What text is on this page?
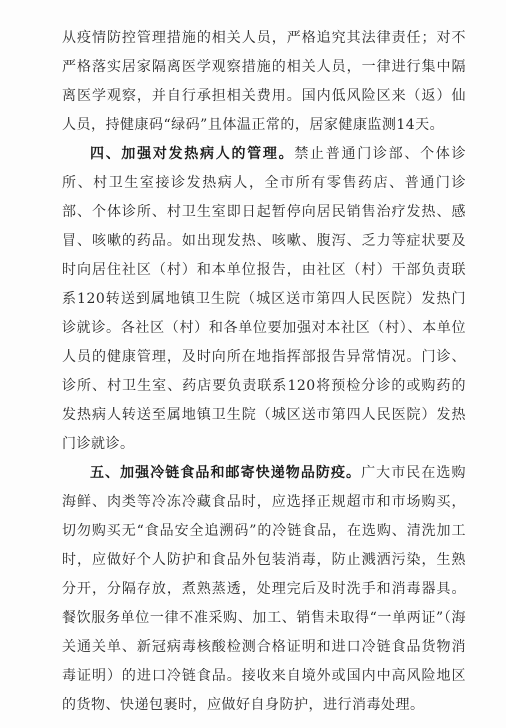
从疫情防控管理措施的相关人员，严格追究其法律责任；对不严格落实居家隔离医学观察措施的相关人员，一律进行集中隔离医学观察，并自行承担相关费用。国内低风险区来（返）仙人员，持健康码“绿码”且体温正常的，居家健康监测14天。

四、加强对发热病人的管理。禁止普通门诊部、个体诊所、村卫生室接诊发热病人，全市所有零售药店、普通门诊部、个体诊所、村卫生室即日起暂停向居民销售治疗发热、感冒、咳嗽的药品。如出现发热、咳嗽、腹泻、乏力等症状要及时向居住社区（村）和本单位报告，由社区（村）干部负责联系120转送到属地镇卫生院（城区送市第四人民医院）发热门诊就诊。各社区（村）和各单位要加强对本社区（村）、本单位人员的健康管理，及时向所在地指挥部报告异常情况。门诊、诊所、村卫生室、药店要负责联系120将预检分诊的或购药的发热病人转送至属地镇卫生院（城区送市第四人民医院）发热门诊就诊。

五、加强冷链食品和邮寄快递物品防疫。广大市民在选购海鲜、肉类等冷冻冷藏食品时，应选择正规超市和市场购买，切勿购买无“食品安全追溯码”的冷链食品，在选购、清洗加工时，应做好个人防护和食品外包装消毒，防止溅洒污染，生熟分开，分隔存放，煮熟蒸透，处理完后及时洗手和消毒器具。餐饮服务单位一律不准采购、加工、销售未取得“一单两证”（海关通关单、新冠病毒核酸检测合格证明和进口冷链食品货物消毒证明）的进口冷链食品。接收来自境外或国内中高风险地区的货物、快递包裹时，应做好自身防护，进行消毒处理。
